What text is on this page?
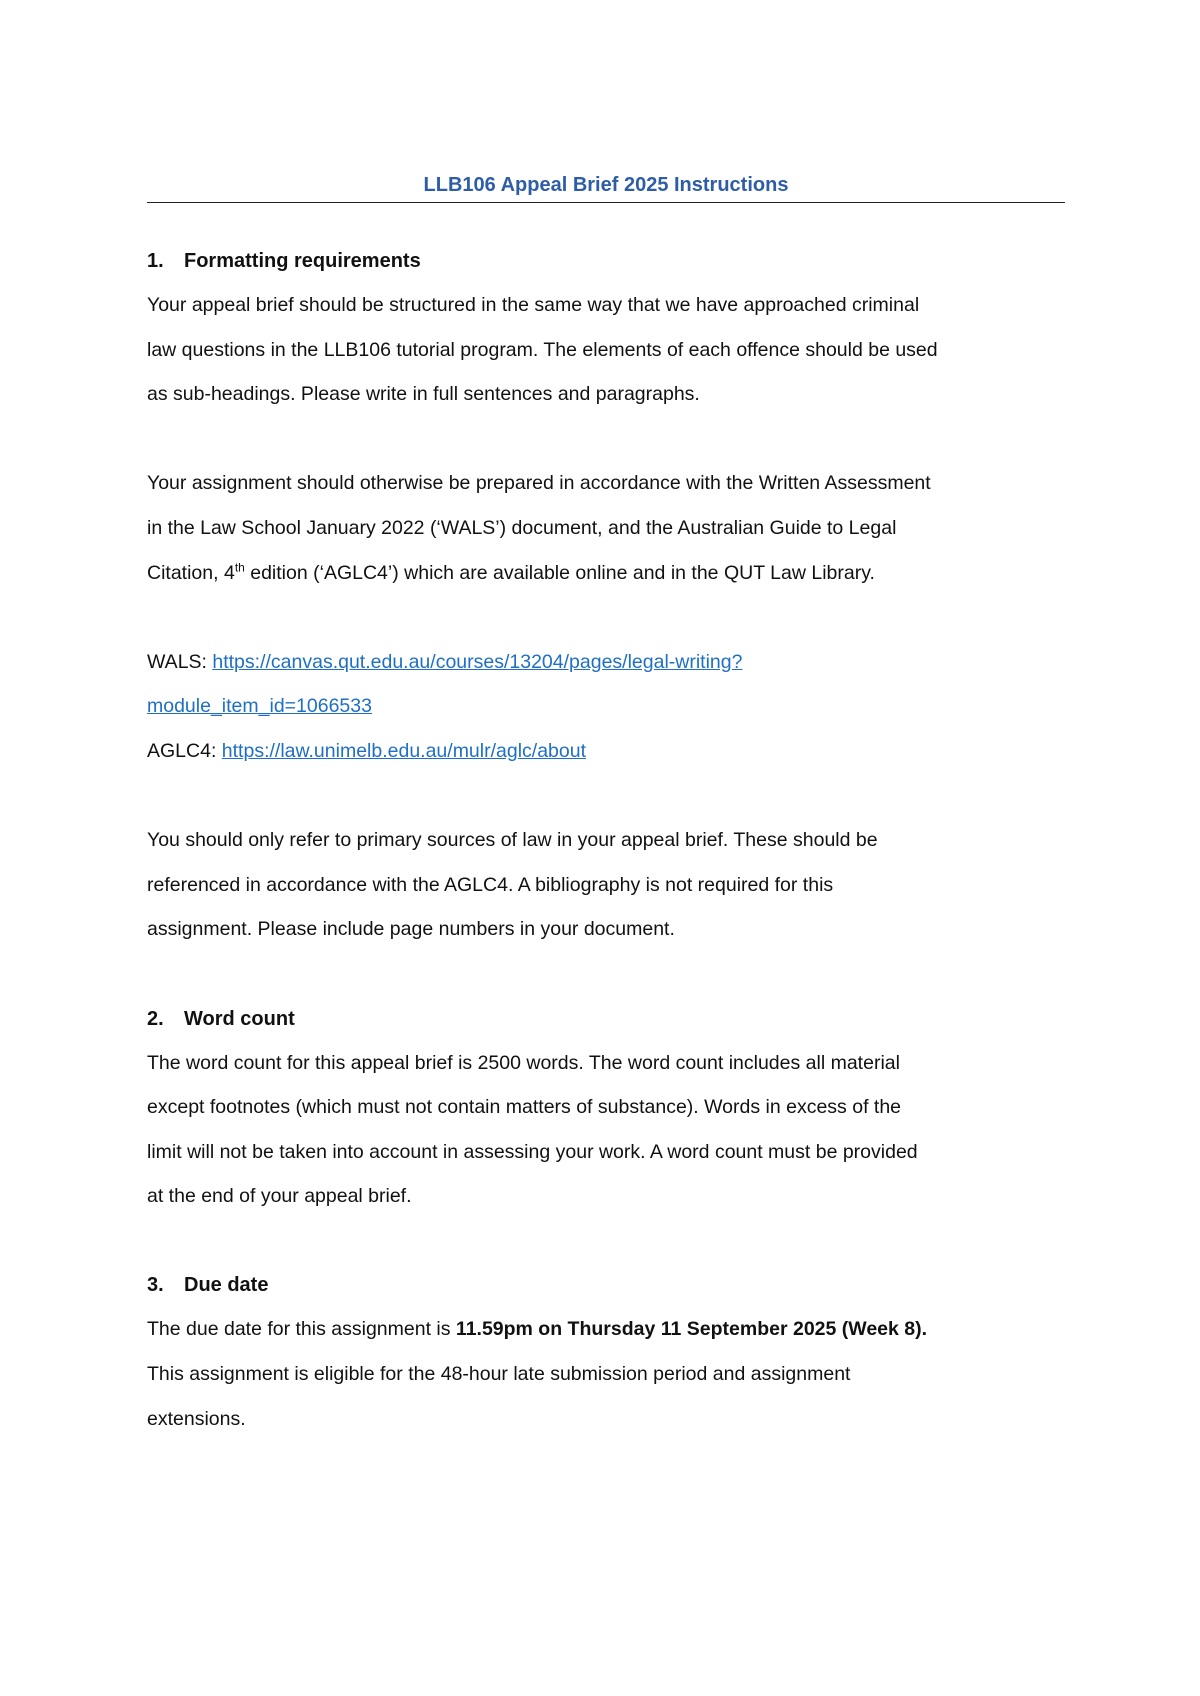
LLB106 Appeal Brief 2025 Instructions
1.	Formatting requirements

Your appeal brief should be structured in the same way that we have approached criminal

law questions in the LLB106 tutorial program. The elements of each offence should be used

as sub-headings. Please write in full sentences and paragraphs.

Your assignment should otherwise be prepared in accordance with the Written Assessment

in the Law School January 2022 (‘WALS’) document, and the Australian Guide to Legal

Citation, 4th edition (‘AGLC4’) which are available online and in the QUT Law Library.

WALS: https://canvas.qut.edu.au/courses/13204/pages/legal-writing?

module_item_id=1066533

AGLC4: https://law.unimelb.edu.au/mulr/aglc/about

You should only refer to primary sources of law in your appeal brief. These should be

referenced in accordance with the AGLC4. A bibliography is not required for this

assignment. Please include page numbers in your document.

2.	Word count

The word count for this appeal brief is 2500 words. The word count includes all material

except footnotes (which must not contain matters of substance). Words in excess of the

limit will not be taken into account in assessing your work. A word count must be provided

at the end of your appeal brief.

3.	Due date

The due date for this assignment is 11.59pm on Thursday 11 September 2025 (Week 8).

This assignment is eligible for the 48-hour late submission period and assignment

extensions.
